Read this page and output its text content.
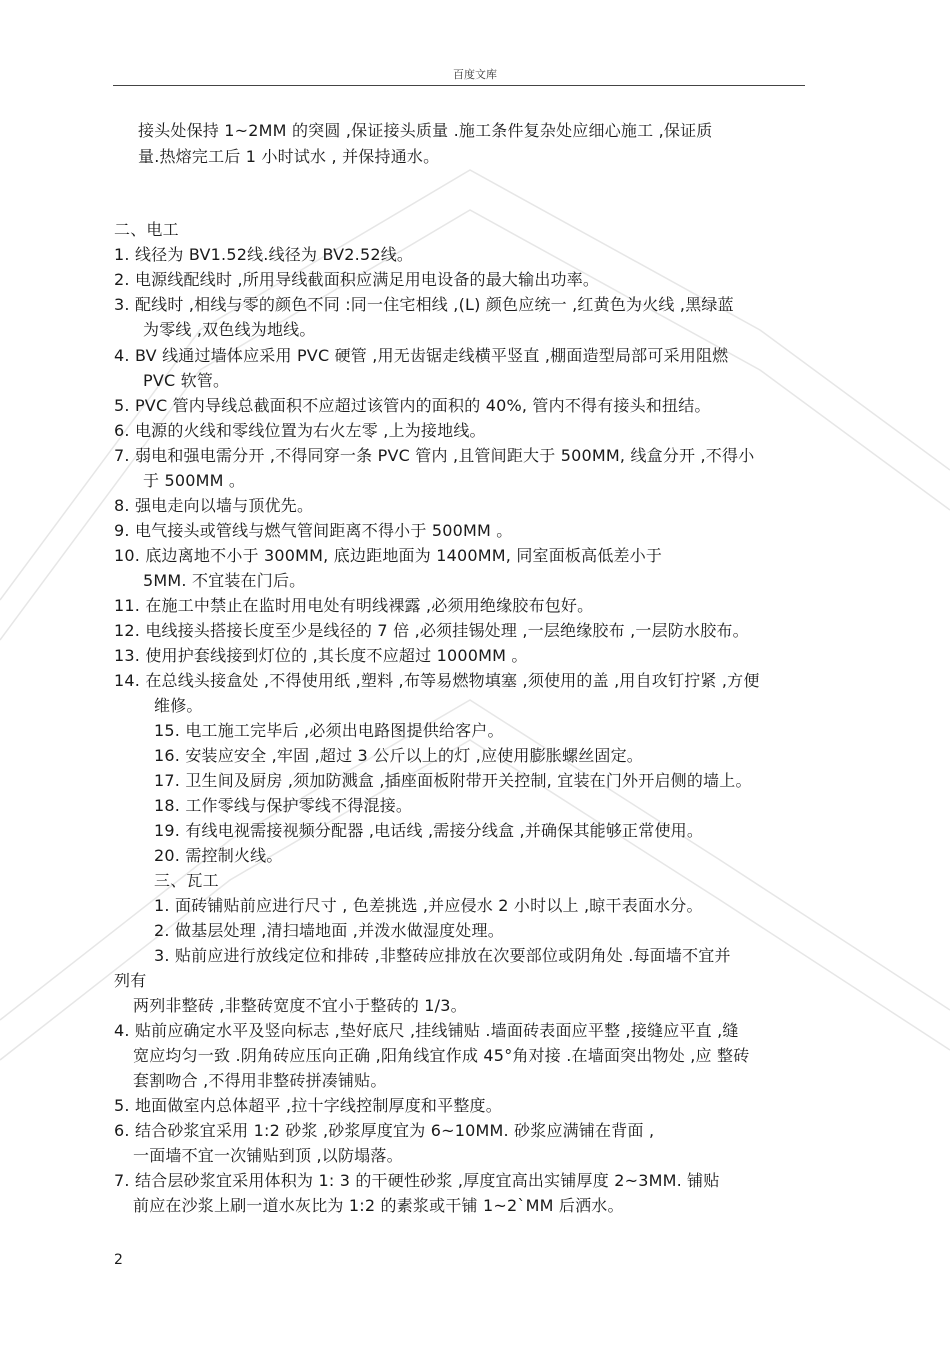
百度文库
接头处保持 1~2MM 的突圆 ,保证接头质量 .施工条件复杂处应细心施工 ,保证质
量.热熔完工后 1 小时试水 , 并保持通水。
二、电工
1. 线径为 BV1.52线.线径为 BV2.52线。
2. 电源线配线时 ,所用导线截面积应满足用电设备的最大输出功率。
3. 配线时 ,相线与零的颜色不同 :同一住宅相线 ,(L) 颜色应统一 ,红黄色为火线 ,黑绿蓝
为零线 ,双色线为地线。
4. BV 线通过墙体应采用 PVC 硬管 ,用无齿锯走线横平竖直 ,棚面造型局部可采用阻燃
PVC 软管。
5. PVC 管内导线总截面积不应超过该管内的面积的 40%, 管内不得有接头和扭结。
6. 电源的火线和零线位置为右火左零 ,上为接地线。
7. 弱电和强电需分开 ,不得同穿一条 PVC 管内 ,且管间距大于 500MM, 线盒分开 ,不得小
于 500MM 。
8. 强电走向以墙与顶优先。
9. 电气接头或管线与燃气管间距离不得小于 500MM 。
10. 底边离地不小于 300MM, 底边距地面为 1400MM, 同室面板高低差小于
5MM. 不宜装在门后。
11. 在施工中禁止在监时用电处有明线裸露 ,必须用绝缘胶布包好。
12. 电线接头搭接长度至少是线径的 7 倍 ,必须挂锡处理 ,一层绝缘胶布 ,一层防水胶布。
13. 使用护套线接到灯位的 ,其长度不应超过 1000MM 。
14. 在总线头接盒处 ,不得使用纸 ,塑料 ,布等易燃物填塞 ,须使用的盖 ,用自攻钉拧紧 ,方便
维修。
15. 电工施工完毕后 ,必须出电路图提供给客户。
16. 安装应安全 ,牢固 ,超过 3 公斤以上的灯 ,应使用膨胀螺丝固定。
17. 卫生间及厨房 ,须加防溅盒 ,插座面板附带开关控制, 宜装在门外开启侧的墙上。
18. 工作零线与保护零线不得混接。
19. 有线电视需接视频分配器 ,电话线 ,需接分线盒 ,并确保其能够正常使用。
20. 需控制火线。
三、瓦工
1. 面砖铺贴前应进行尺寸 , 色差挑选 ,并应侵水 2 小时以上 ,晾干表面水分。
2. 做基层处理 ,清扫墙地面 ,并泼水做湿度处理。
3. 贴前应进行放线定位和排砖 ,非整砖应排放在次要部位或阴角处 .每面墙不宜并
列有
两列非整砖 ,非整砖宽度不宜小于整砖的 1/3。
4. 贴前应确定水平及竖向标志 ,垫好底尺 ,挂线铺贴 .墙面砖表面应平整 ,接缝应平直 ,缝
宽应均匀一致 .阴角砖应压向正确 ,阳角线宜作成 45°角对接 .在墙面突出物处 ,应 整砖
套割吻合 ,不得用非整砖拼凑铺贴。
5. 地面做室内总体超平 ,拉十字线控制厚度和平整度。
6. 结合砂浆宜采用 1:2 砂浆 ,砂浆厚度宜为 6~10MM. 砂浆应满铺在背面 ,
一面墙不宜一次铺贴到顶 ,以防塌落。
7. 结合层砂浆宜采用体积为 1: 3 的干硬性砂浆 ,厚度宜高出实铺厚度 2~3MM. 铺贴
前应在沙浆上刷一道水灰比为 1:2 的素浆或干铺 1~2`MM 后洒水。
2
